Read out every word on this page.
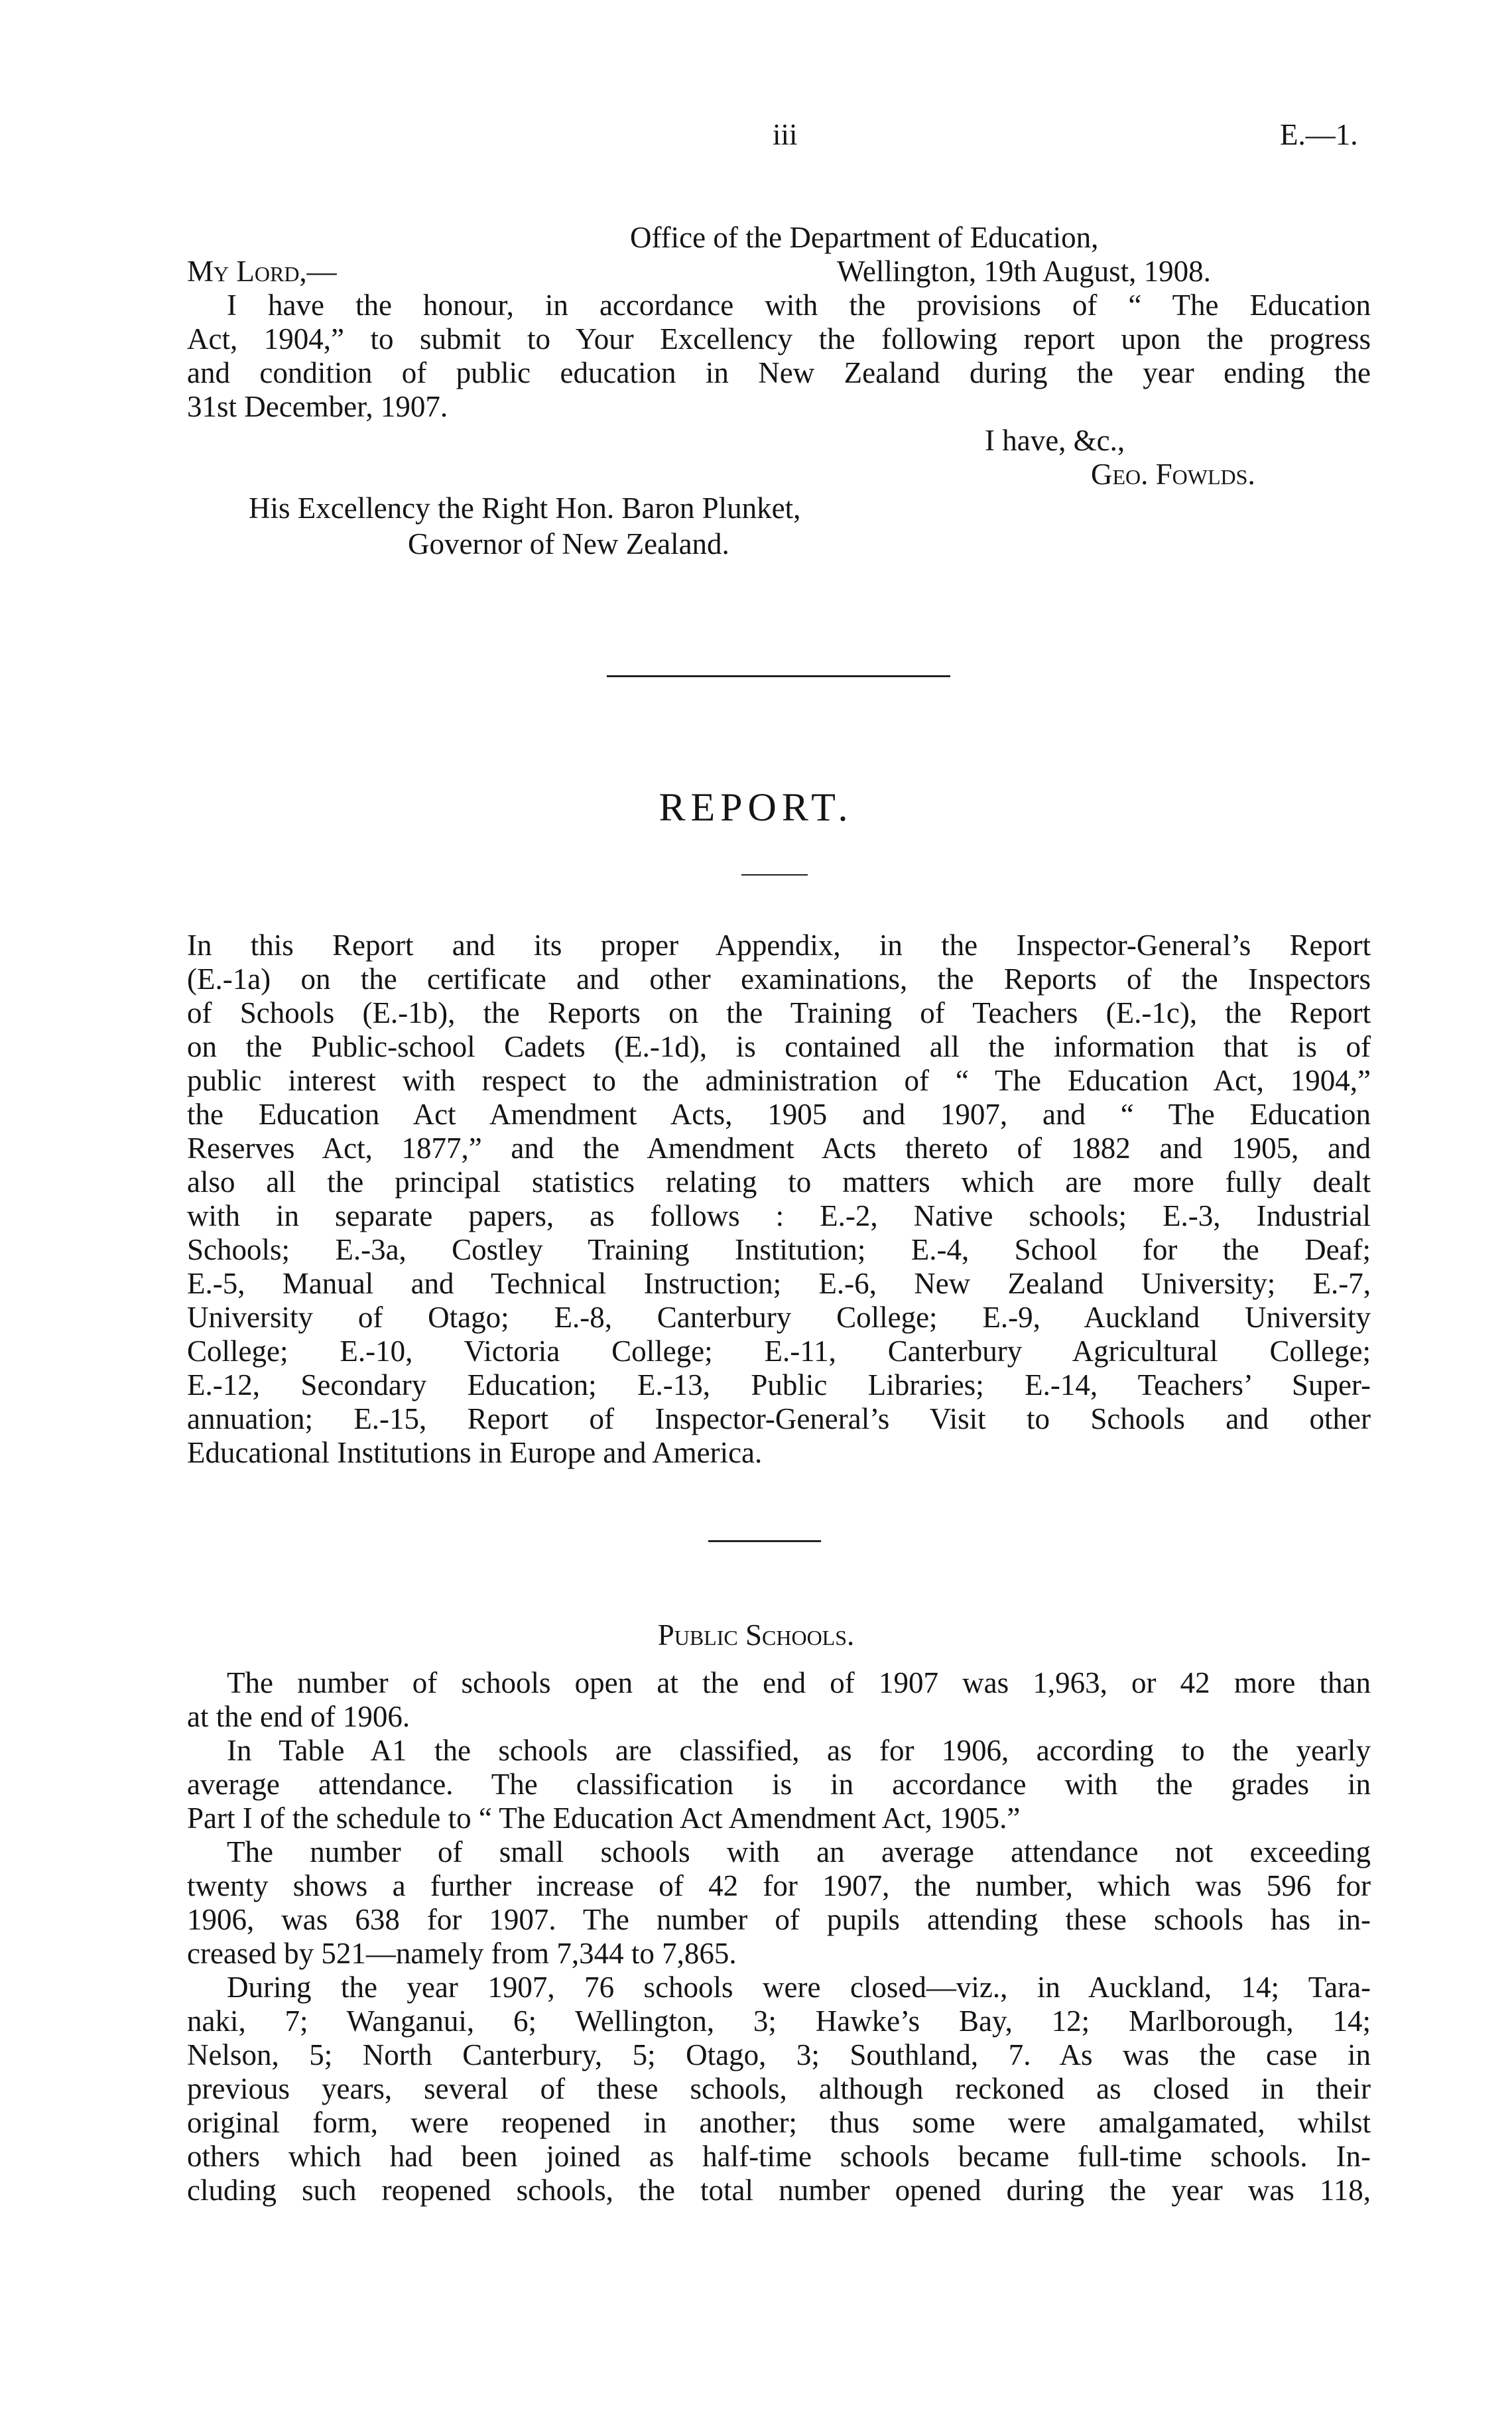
iii	E.—1.
Office of the Department of Education,
My Lord,—	Wellington, 19th August, 1908.
I have the honour, in accordance with the provisions of “ The Education
Act, 1904,” to submit to Your Excellency the following report upon the progress
and condition of public education in New Zealand during the year ending the
31st December, 1907.
I have, &c.,
Geo. Fowlds.
His Excellency the Right Hon. Baron Plunket,
Governor of New Zealand.
REPORT.
In this Report and its proper Appendix, in the Inspector-General’s Report
(E.-1a) on the certificate and other examinations, the Reports of the Inspectors
of Schools (E.-1b), the Reports on the Training of Teachers (E.-1c), the Report
on the Public-school Cadets (E.-1d), is contained all the information that is of
public interest with respect to the administration of “ The Education Act, 1904,”
the Education Act Amendment Acts, 1905 and 1907, and “ The Education
Reserves Act, 1877,” and the Amendment Acts thereto of 1882 and 1905, and
also all the principal statistics relating to matters which are more fully dealt
with in separate papers, as follows : E.-2, Native schools; E.-3, Industrial
Schools; E.-3a, Costley Training Institution; E.-4, School for the Deaf;
E.-5, Manual and Technical Instruction; E.-6, New Zealand University; E.-7,
University of Otago; E.-8, Canterbury College; E.-9, Auckland University
College; E.-10, Victoria College; E.-11, Canterbury Agricultural College;
E.-12, Secondary Education; E.-13, Public Libraries; E.-14, Teachers’ Super-
annuation; E.-15, Report of Inspector-General’s Visit to Schools and other
Educational Institutions in Europe and America.
Public Schools.
The number of schools open at the end of 1907 was 1,963, or 42 more than
at the end of 1906.
In Table A1 the schools are classified, as for 1906, according to the yearly
average attendance. The classification is in accordance with the grades in
Part I of the schedule to “ The Education Act Amendment Act, 1905.”
The number of small schools with an average attendance not exceeding
twenty shows a further increase of 42 for 1907, the number, which was 596 for
1906, was 638 for 1907. The number of pupils attending these schools has in-
creased by 521—namely from 7,344 to 7,865.
During the year 1907, 76 schools were closed—viz., in Auckland, 14; Tara-
naki, 7; Wanganui, 6; Wellington, 3; Hawke’s Bay, 12; Marlborough, 14;
Nelson, 5; North Canterbury, 5; Otago, 3; Southland, 7. As was the case in
previous years, several of these schools, although reckoned as closed in their
original form, were reopened in another; thus some were amalgamated, whilst
others which had been joined as half-time schools became full-time schools. In-
cluding such reopened schools, the total number opened during the year was 118,
